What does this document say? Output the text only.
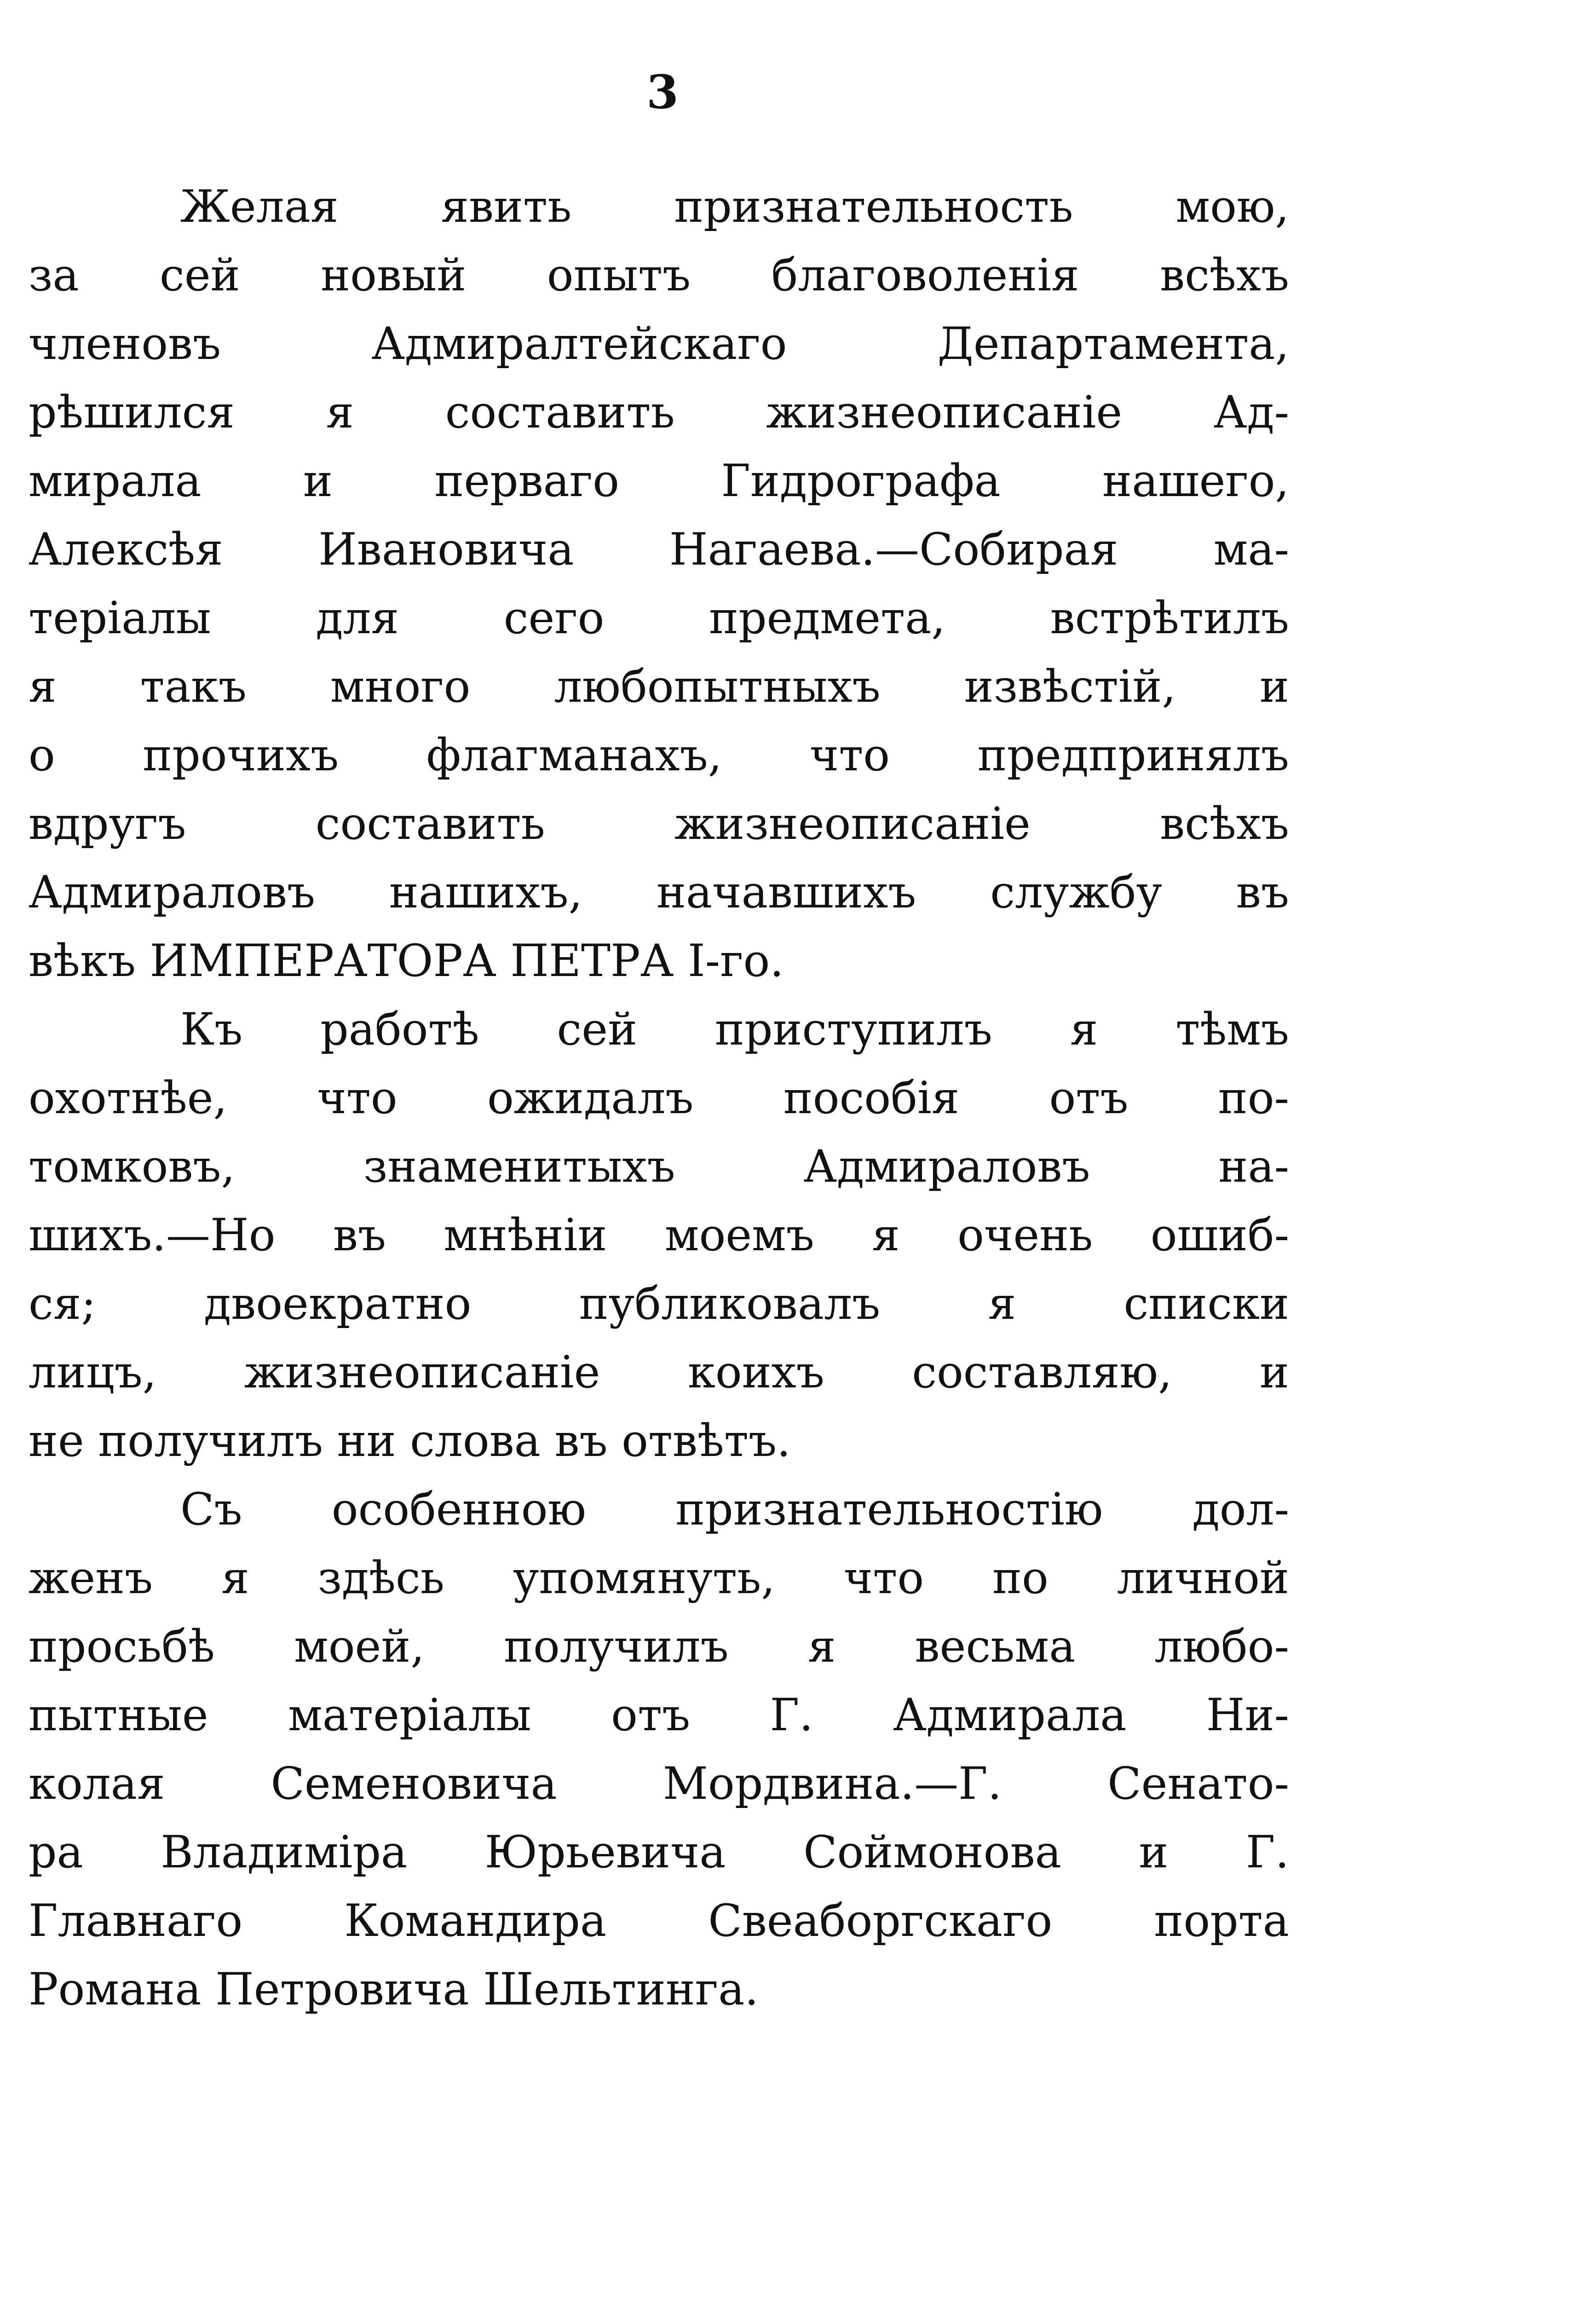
3
Желая явить признательность мою,
за сей новый опытъ благоволенія всѣхъ
членовъ Адмиралтейскаго Департамента,
рѣшился я составить жизнеописаніе Ад-
мирала и перваго Гидрографа нашего,
Алексѣя Ивановича Нагаева.—Собирая ма-
теріалы для сего предмета, встрѣтилъ
я такъ много любопытныхъ извѣстій, и
о прочихъ флагманахъ, что предпринялъ
вдругъ составить жизнеописаніе всѣхъ
Адмираловъ нашихъ, начавшихъ службу въ
вѣкъ ИМПЕРАТОРА ПЕТРА I-го.
Къ работѣ сей приступилъ я тѣмъ
охотнѣе, что ожидалъ пособія отъ по-
томковъ, знаменитыхъ Адмираловъ на-
шихъ.—Но въ мнѣніи моемъ я очень ошиб-
ся; двоекратно публиковалъ я списки
лицъ, жизнеописаніе коихъ составляю, и
не получилъ ни слова въ отвѣтъ.
Съ особенною признательностію дол-
женъ я здѣсь упомянуть, что по личной
просьбѣ моей, получилъ я весьма любо-
пытные матеріалы отъ Г. Адмирала Ни-
колая Семеновича Мордвина.—Г. Сенато-
ра Владиміра Юрьевича Соймонова и Г.
Главнаго Командира Свеаборгскаго порта
Романа Петровича Шельтинга.
